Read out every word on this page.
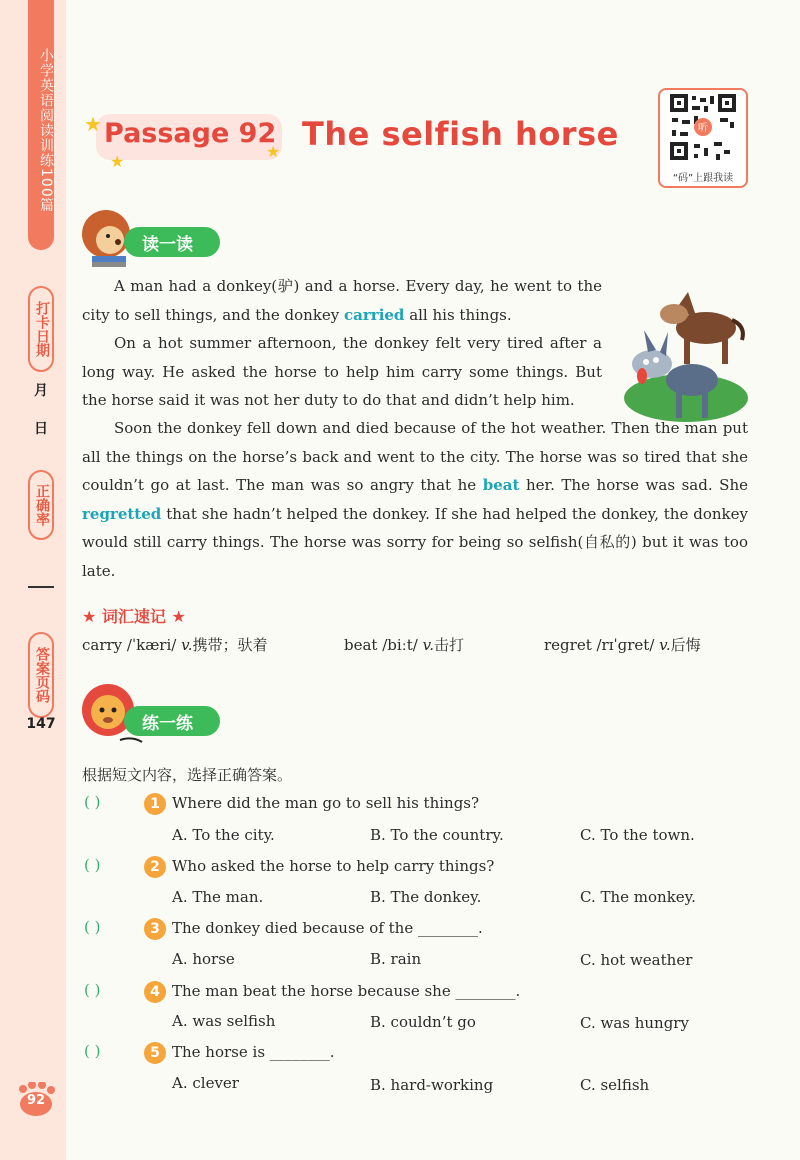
小学英语阅读训练100篇
打卡日期
月
日
正确率
答案页码
147
92
★
★
★
Passage 92 The selfish horse	听
“码”上跟我读
读一读

A man had a donkey(驴) and a horse. Every day, he went to the city to sell things, and the donkey carried all his things.

On a hot summer afternoon, the donkey felt very tired after a long way. He asked the horse to help him carry some things. But the horse said it was not her duty to do that and didn’t help him.

Soon the donkey fell down and died because of the hot weather. Then the man put all the things on the horse’s back and went to the city. The horse was so tired that she couldn’t go at last. The man was so angry that he beat her. The horse was sad. She regretted that she hadn’t helped the donkey. If she had helped the donkey, the donkey would still carry things. The horse was sorry for being so selfish(自私的) but it was too late.

★ 词汇速记 ★
carry /ˈkæri/ v.携带；驮着	beat /biːt/ v.击打	regret /rɪˈɡret/ v.后悔
练一练
根据短文内容，选择正确答案。
( )	1 Where did the man go to sell his things?
A. To the city.	B. To the country.	C. To the town.
( )	2 Who asked the horse to help carry things?
A. The man.	B. The donkey.	C. The monkey.
( )	3 The donkey died because of the ________.
A. horse	B. rain	C. hot weather
( )	4 The man beat the horse because she ________.
A. was selfish	B. couldn’t go	C. was hungry
( )	5 The horse is ________.
A. clever	B. hard-working	C. selfish
